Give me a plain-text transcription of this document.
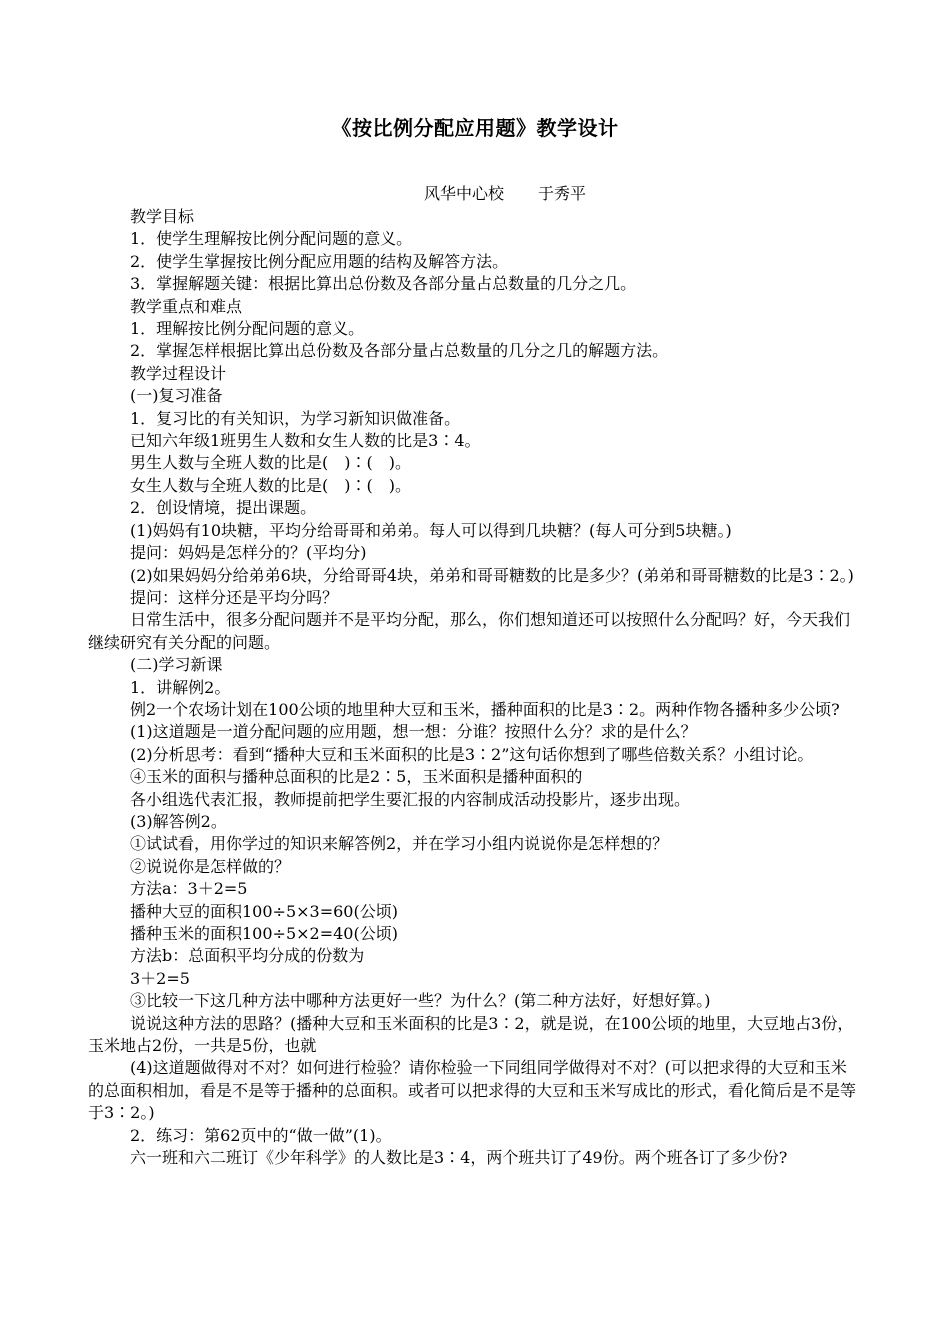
《按比例分配应用题》教学设计
风华中心校 于秀平

教学目标

1．使学生理解按比例分配问题的意义。

2．使学生掌握按比例分配应用题的结构及解答方法。

3．掌握解题关键：根据比算出总份数及各部分量占总数量的几分之几。

教学重点和难点

1．理解按比例分配问题的意义。

2．掌握怎样根据比算出总份数及各部分量占总数量的几分之几的解题方法。

教学过程设计

(一)复习准备

1．复习比的有关知识，为学习新知识做准备。

已知六年级1班男生人数和女生人数的比是3∶4。

男生人数与全班人数的比是(　)∶(　)。

女生人数与全班人数的比是(　)∶(　)。

2．创设情境，提出课题。

(1)妈妈有10块糖，平均分给哥哥和弟弟。每人可以得到几块糖？(每人可分到5块糖。)

提问：妈妈是怎样分的？(平均分)

(2)如果妈妈分给弟弟6块，分给哥哥4块，弟弟和哥哥糖数的比是多少？(弟弟和哥哥糖数的比是3∶2。)

提问：这样分还是平均分吗？

日常生活中，很多分配问题并不是平均分配，那么，你们想知道还可以按照什么分配吗？好，今天我们继续研究有关分配的问题。

(二)学习新课

1．讲解例2。

例2一个农场计划在100公顷的地里种大豆和玉米，播种面积的比是3∶2。两种作物各播种多少公顷?

(1)这道题是一道分配问题的应用题，想一想：分谁？按照什么分？求的是什么？

(2)分析思考：看到“播种大豆和玉米面积的比是3∶2”这句话你想到了哪些倍数关系？小组讨论。

④玉米的面积与播种总面积的比是2∶5，玉米面积是播种面积的

各小组选代表汇报，教师提前把学生要汇报的内容制成活动投影片，逐步出现。

(3)解答例2。

①试试看，用你学过的知识来解答例2，并在学习小组内说说你是怎样想的？

②说说你是怎样做的？

方法a：3＋2=5

播种大豆的面积100÷5×3=60(公顷)

播种玉米的面积100÷5×2=40(公顷)

方法b：总面积平均分成的份数为

3＋2=5

③比较一下这几种方法中哪种方法更好一些？为什么？(第二种方法好，好想好算。)

说说这种方法的思路？(播种大豆和玉米面积的比是3∶2，就是说，在100公顷的地里，大豆地占3份，玉米地占2份，一共是5份，也就

(4)这道题做得对不对？如何进行检验？请你检验一下同组同学做得对不对？(可以把求得的大豆和玉米的总面积相加，看是不是等于播种的总面积。或者可以把求得的大豆和玉米写成比的形式，看化简后是不是等于3∶2。)

2．练习：第62页中的“做一做”(1)。

六一班和六二班订《少年科学》的人数比是3∶4，两个班共订了49份。两个班各订了多少份?
